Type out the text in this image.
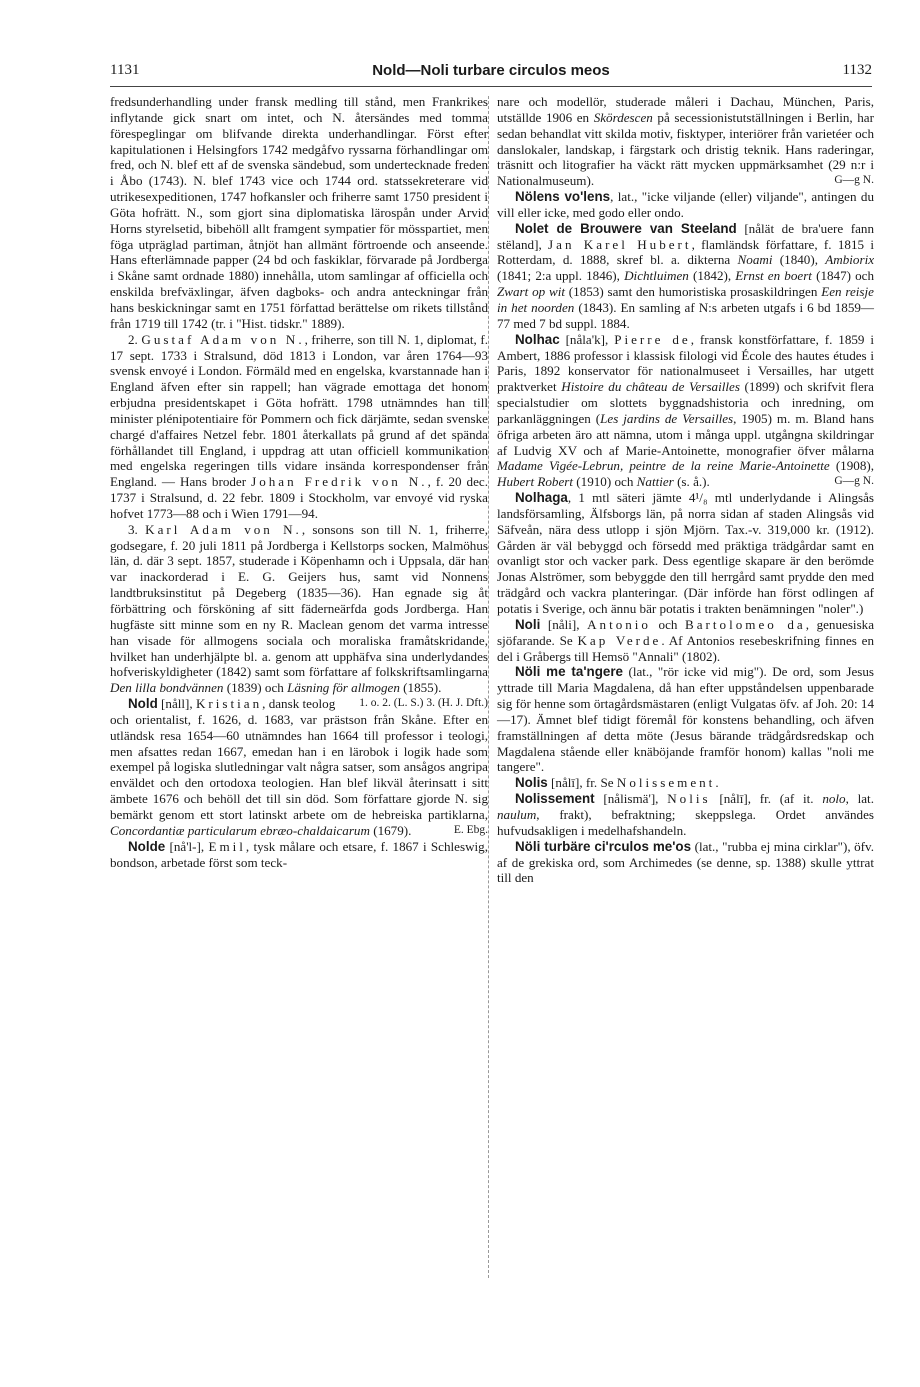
1131	Nold—Noli turbare circulos meos	1132

fredsunderhandling under fransk medling till stånd, men Frankrikes inflytande gick snart om intet, och N. återsändes med tomma förespeglingar om blifvande direkta underhandlingar. Först efter kapitulationen i Helsingfors 1742 medgåfvo ryssarna förhandlingar om fred, och N. blef ett af de svenska sändebud, som undertecknade freden i Åbo (1743). N. blef 1743 vice och 1744 ord. statssekreterare vid utrikesexpeditionen, 1747 hofkansler och friherre samt 1750 president i Göta hofrätt. N., som gjort sina diplomatiska lärospån under Arvid Horns styrelsetid, bibehöll allt framgent sympatier för mösspartiet, men föga utpräglad partiman, åtnjöt han allmänt förtroende och anseende. Hans efterlämnade papper (24 bd och faskiklar, förvarade på Jordberga i Skåne samt ordnade 1880) innehålla, utom samlingar af officiella och enskilda brefväxlingar, äfven dagboks- och andra anteckningar från hans beskickningar samt en 1751 författad berättelse om rikets tillstånd från 1719 till 1742 (tr. i "Hist. tidskr." 1889).

2. Gustaf Adam von N., friherre, son till N. 1, diplomat, f. 17 sept. 1733 i Stralsund, död 1813 i London, var åren 1764—93 svensk envoyé i London. Förmäld med en engelska, kvarstannade han i England äfven efter sin rappell; han vägrade emottaga det honom erbjudna presidentskapet i Göta hofrätt. 1798 utnämndes han till minister plénipotentiaire för Pommern och fick därjämte, sedan svenske chargé d'affaires Netzel febr. 1801 återkallats på grund af det spända förhållandet till England, i uppdrag att utan officiell kommunikation med engelska regeringen tills vidare insända korrespondenser från England. — Hans broder Johan Fredrik von N., f. 20 dec. 1737 i Stralsund, d. 22 febr. 1809 i Stockholm, var envoyé vid ryska hofvet 1773—88 och i Wien 1791—94.

3. Karl Adam von N., sonsons son till N. 1, friherre, godsegare, f. 20 juli 1811 på Jordberga i Kellstorps socken, Malmöhus län, d. där 3 sept. 1857, studerade i Köpenhamn och i Uppsala, där han var inackorderad i E. G. Geijers hus, samt vid Nonnens landtbruksinstitut på Degeberg (1835—36). Han egnade sig åt förbättring och försköning af sitt fäderneärfda gods Jordberga. Han hugfäste sitt minne som en ny R. Maclean genom det varma intresse han visade för allmogens sociala och moraliska framåtskridande, hvilket han underhjälpte bl. a. genom att upphäfva sina underlydandes hofveriskyldigheter (1842) samt som författare af folkskriftsamlingarna Den lilla bondvännen (1839) och Läsning för allmogen (1855).
1. o. 2. (L. S.) 3. (H. J. Dft.)

Nold [nåll], Kristian, dansk teolog och orientalist, f. 1626, d. 1683, var prästson från Skåne. Efter en utländsk resa 1654—60 utnämndes han 1664 till professor i teologi, men afsattes redan 1667, emedan han i en lärobok i logik hade som exempel på logiska slutledningar valt några satser, som ansågos angripa enväldet och den ortodoxa teologien. Han blef likväl återinsatt i sitt ämbete 1676 och behöll det till sin död. Som författare gjorde N. sig bemärkt genom ett stort latinskt arbete om de hebreiska partiklarna, Concordantiæ particularum ebræo-chaldaicarum (1679).	E. Ebg.

Nolde [nå'l-], Emil, tysk målare och etsare, f. 1867 i Schleswig, bondson, arbetade först som teck-

nare och modellör, studerade måleri i Dachau, München, Paris, utställde 1906 en Skördescen på secessionistutställningen i Berlin, har sedan behandlat vitt skilda motiv, fisktyper, interiörer från varietéer och danslokaler, landskap, i färgstark och dristig teknik. Hans raderingar, träsnitt och litografier ha väckt rätt mycken uppmärksamhet (29 n:r i Nationalmuseum).	G—g N.

Nölens vo'lens, lat., "icke viljande (eller) viljande", antingen du vill eller icke, med godo eller ondo.

Nolet de Brouwere van Steeland [nålät de bra'uere fann stëland], Jan Karel Hubert, flamländsk författare, f. 1815 i Rotterdam, d. 1888, skref bl. a. dikterna Noami (1840), Ambiorix (1841; 2:a uppl. 1846), Dichtluimen (1842), Ernst en boert (1847) och Zwart op wit (1853) samt den humoristiska prosaskildringen Een reisje in het noorden (1843). En samling af N:s arbeten utgafs i 6 bd 1859—77 med 7 bd suppl. 1884.

Nolhac [nåla'k], Pierre de, fransk konstförfattare, f. 1859 i Ambert, 1886 professor i klassisk filologi vid École des hautes études i Paris, 1892 konservator för nationalmuseet i Versailles, har utgett praktverket Histoire du château de Versailles (1899) och skrifvit flera specialstudier om slottets byggnadshistoria och inredning, om parkanläggningen (Les jardins de Versailles, 1905) m. m. Bland hans öfriga arbeten äro att nämna, utom i många uppl. utgångna skildringar af Ludvig XV och af Marie-Antoinette, monografier öfver målarna Madame Vigée-Lebrun, peintre de la reine Marie-Antoinette (1908), Hubert Robert (1910) och Nattier (s. å.).	G—g N.

Nolhaga, 1 mtl säteri jämte 4¹/₈ mtl underlydande i Alingsås landsförsamling, Älfsborgs län, på norra sidan af staden Alingsås vid Säfveån, nära dess utlopp i sjön Mjörn. Tax.-v. 319,000 kr. (1912). Gården är väl bebyggd och försedd med präktiga trädgårdar samt en ovanligt stor och vacker park. Dess egentlige skapare är den berömde Jonas Alströmer, som bebyggde den till herrgård samt prydde den med trädgård och vackra planteringar. (Där införde han först odlingen af potatis i Sverige, och ännu bär potatis i trakten benämningen "noler".)

Noli [nåli], Antonio och Bartolomeo da, genuesiska sjöfarande. Se Kap Verde. Af Antonios resebeskrifning finnes en del i Gråbergs till Hemsö "Annali" (1802).

Nöli me ta'ngere (lat., "rör icke vid mig"). De ord, som Jesus yttrade till Maria Magdalena, då han efter uppståndelsen uppenbarade sig för henne som örtagårdsmästaren (enligt Vulgatas öfv. af Joh. 20: 14—17). Ämnet blef tidigt föremål för konstens behandling, och äfven framställningen af detta möte (Jesus bärande trädgårdsredskap och Magdalena stående eller knäböjande framför honom) kallas "noli me tangere".

Nolis [nålī], fr. Se Nolissement.

Nolissement [nålismä'], Nolis [nålī], fr. (af it. nolo, lat. naulum, frakt), befraktning; skeppslega. Ordet användes hufvudsakligen i medelhafshandeln.

Nöli turbäre ci'rculos me'os (lat., "rubba ej mina cirklar"), öfv. af de grekiska ord, som Archimedes (se denne, sp. 1388) skulle yttrat till den
